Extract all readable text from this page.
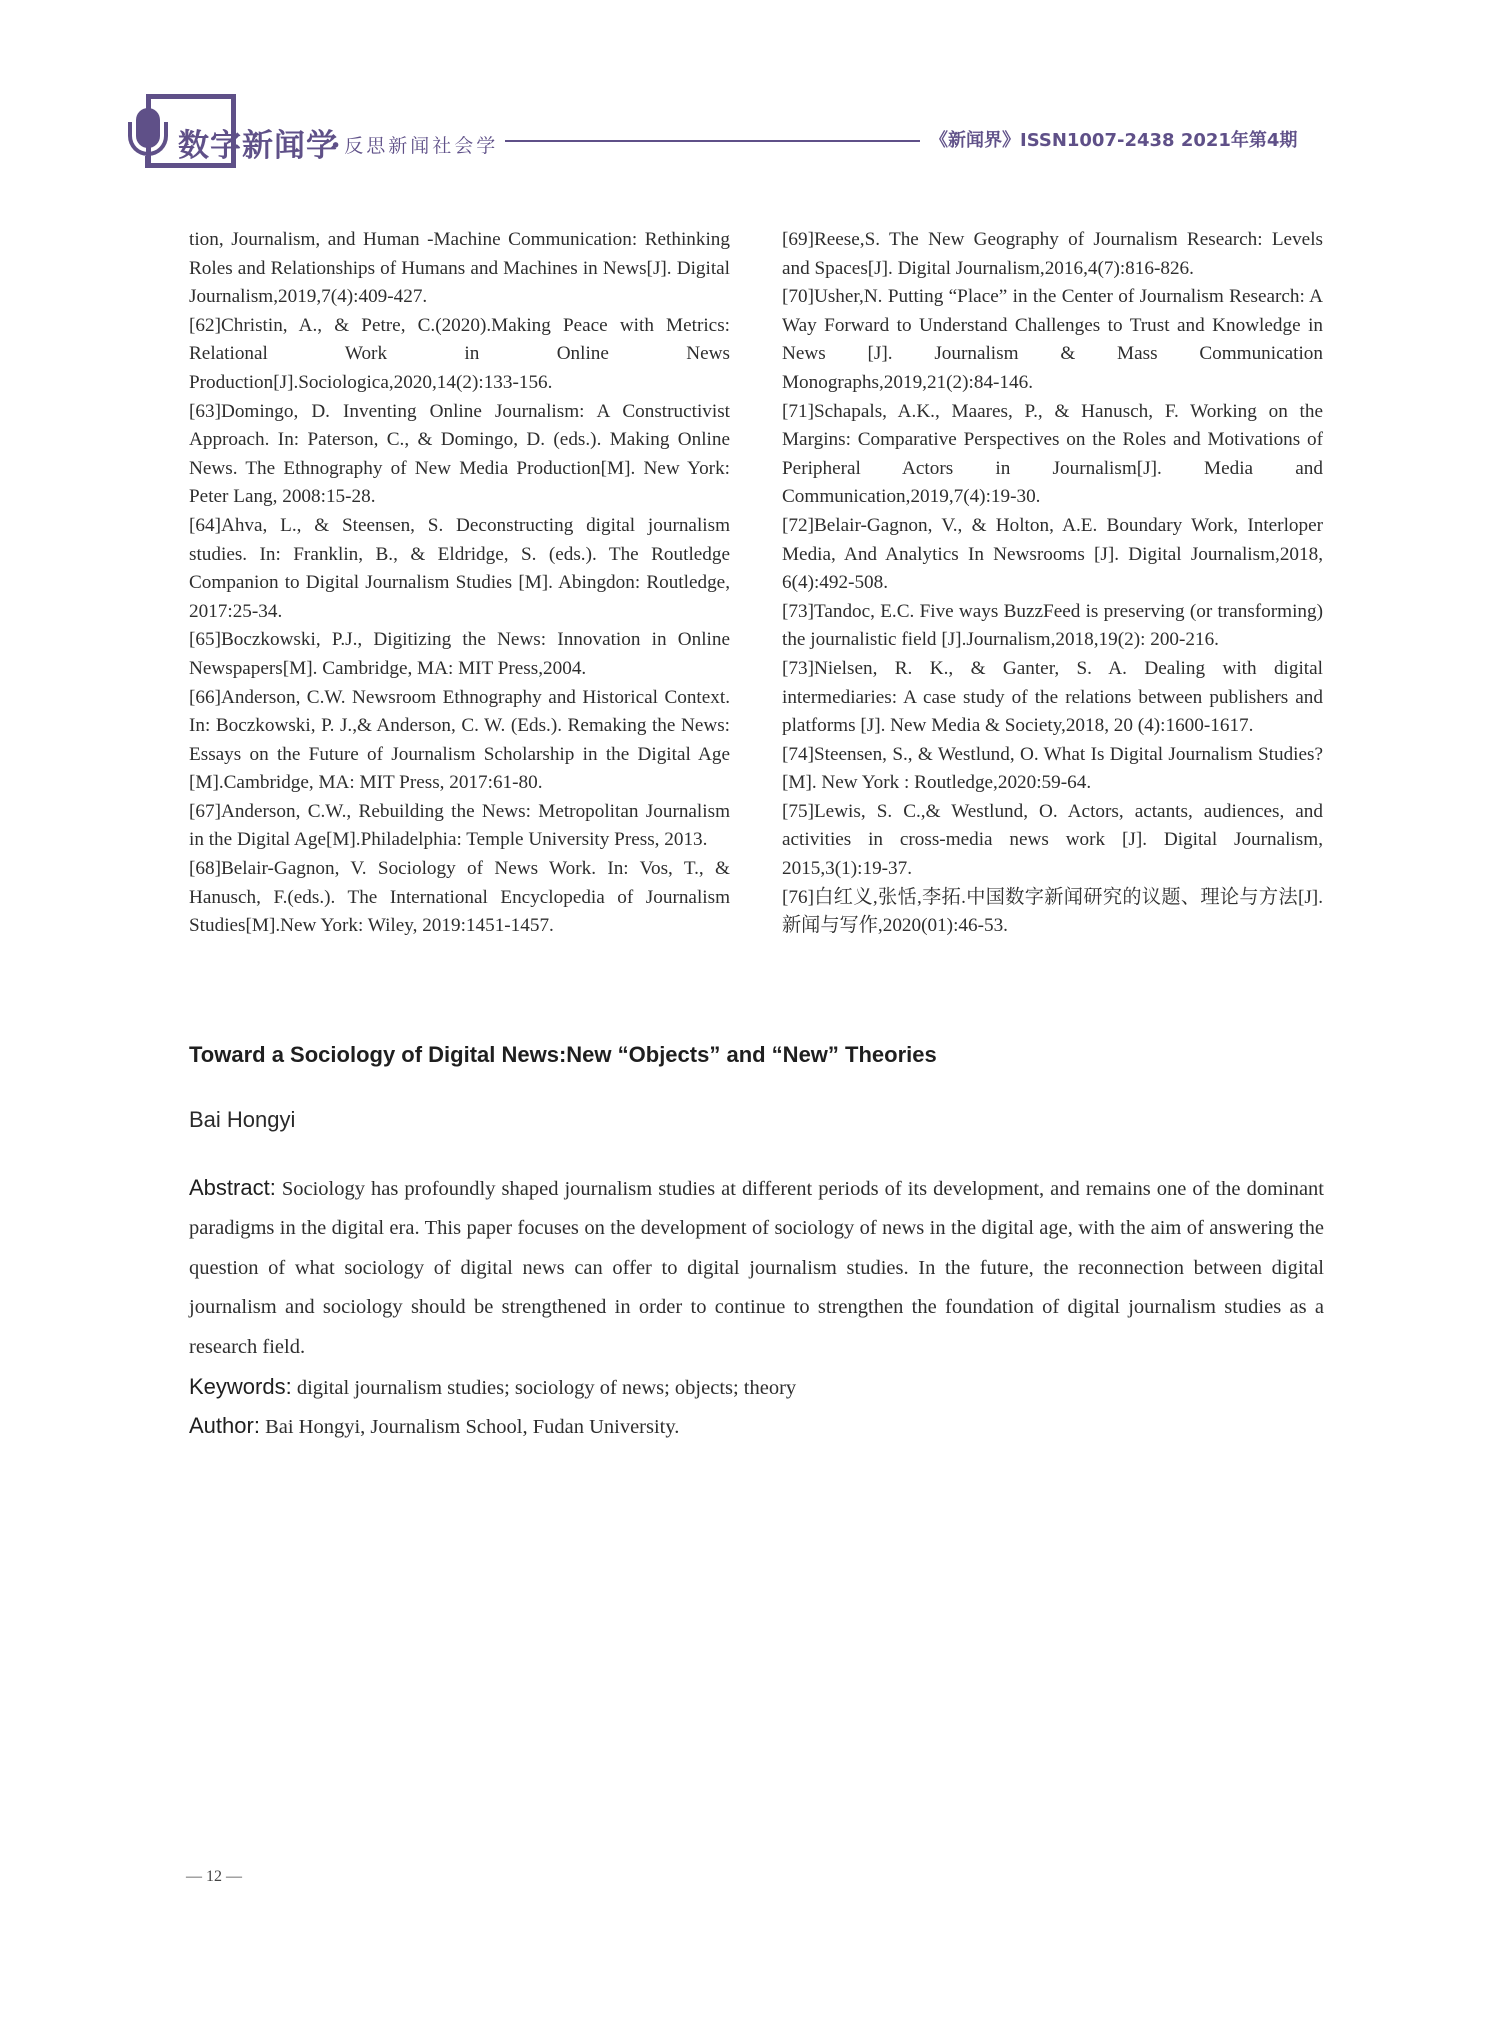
数字新闻学
•反思新闻社会学	《新闻界》ISSN1007-2438 2021年第4期

tion, Journalism, and Human -Machine Communication: Rethinking Roles and Relationships of Humans and Machines in News[J]. Digital Journalism,2019,7(4):409-427.

[62]Christin, A., & Petre, C.(2020).Making Peace with Metrics: Relational Work in Online News Production[J].Sociologica,2020,14(2):133-156.

[63]Domingo, D. Inventing Online Journalism: A Constructivist Approach. In: Paterson, C., & Domingo, D. (eds.). Making Online News. The Ethnography of New Media Production[M]. New York: Peter Lang, 2008:15-28.

[64]Ahva, L., & Steensen, S. Deconstructing digital journalism studies. In: Franklin, B., & Eldridge, S. (eds.). The Routledge Companion to Digital Journalism Studies [M]. Abingdon: Routledge, 2017:25-34.

[65]Boczkowski, P.J., Digitizing the News: Innovation in Online Newspapers[M]. Cambridge, MA: MIT Press,2004.

[66]Anderson, C.W. Newsroom Ethnography and Historical Context. In: Boczkowski, P. J.,& Anderson, C. W. (Eds.). Remaking the News: Essays on the Future of Journalism Scholarship in the Digital Age [M].Cambridge, MA: MIT Press, 2017:61-80.

[67]Anderson, C.W., Rebuilding the News: Metropolitan Journalism in the Digital Age[M].Philadelphia: Temple University Press, 2013.

[68]Belair-Gagnon, V. Sociology of News Work. In: Vos, T., & Hanusch, F.(eds.). The International Encyclopedia of Journalism Studies[M].New York: Wiley, 2019:1451-1457.

[69]Reese,S. The New Geography of Journalism Research: Levels and Spaces[J]. Digital Journalism,2016,4(7):816-826.

[70]Usher,N. Putting “Place” in the Center of Journalism Research: A Way Forward to Understand Challenges to Trust and Knowledge in News [J]. Journalism & Mass Communication Monographs,2019,21(2):84-146.

[71]Schapals, A.K., Maares, P., & Hanusch, F. Working on the Margins: Comparative Perspectives on the Roles and Motivations of Peripheral Actors in Journalism[J]. Media and Communication,2019,7(4):19-30.

[72]Belair-Gagnon, V., & Holton, A.E. Boundary Work, Interloper Media, And Analytics In Newsrooms [J]. Digital Journalism,2018, 6(4):492-508.

[73]Tandoc, E.C. Five ways BuzzFeed is preserving (or transforming) the journalistic field [J].Journalism,2018,19(2): 200-216.

[73]Nielsen, R. K., & Ganter, S. A. Dealing with digital intermediaries: A case study of the relations between publishers and platforms [J]. New Media & Society,2018, 20 (4):1600-1617.

[74]Steensen, S., & Westlund, O. What Is Digital Journalism Studies?[M]. New York : Routledge,2020:59-64.

[75]Lewis, S. C.,& Westlund, O. Actors, actants, audiences, and activities in cross-media news work [J]. Digital Journalism, 2015,3(1):19-37.

[76]白红义,张恬,李拓.中国数字新闻研究的议题、理论与方法[J].新闻与写作,2020(01):46-53.

Toward a Sociology of Digital News:New “Objects” and “New” Theories
Bai Hongyi
Abstract: Sociology has profoundly shaped journalism studies at different periods of its development, and remains one of the dominant paradigms in the digital era. This paper focuses on the development of sociology of news in the digital age, with the aim of answering the question of what sociology of digital news can offer to digital journalism studies. In the future, the reconnection between digital journalism and sociology should be strengthened in order to continue to strengthen the foundation of digital journalism studies as a research field.
Keywords: digital journalism studies; sociology of news; objects; theory
Author: Bai Hongyi, Journalism School, Fudan University.
— 12 —
